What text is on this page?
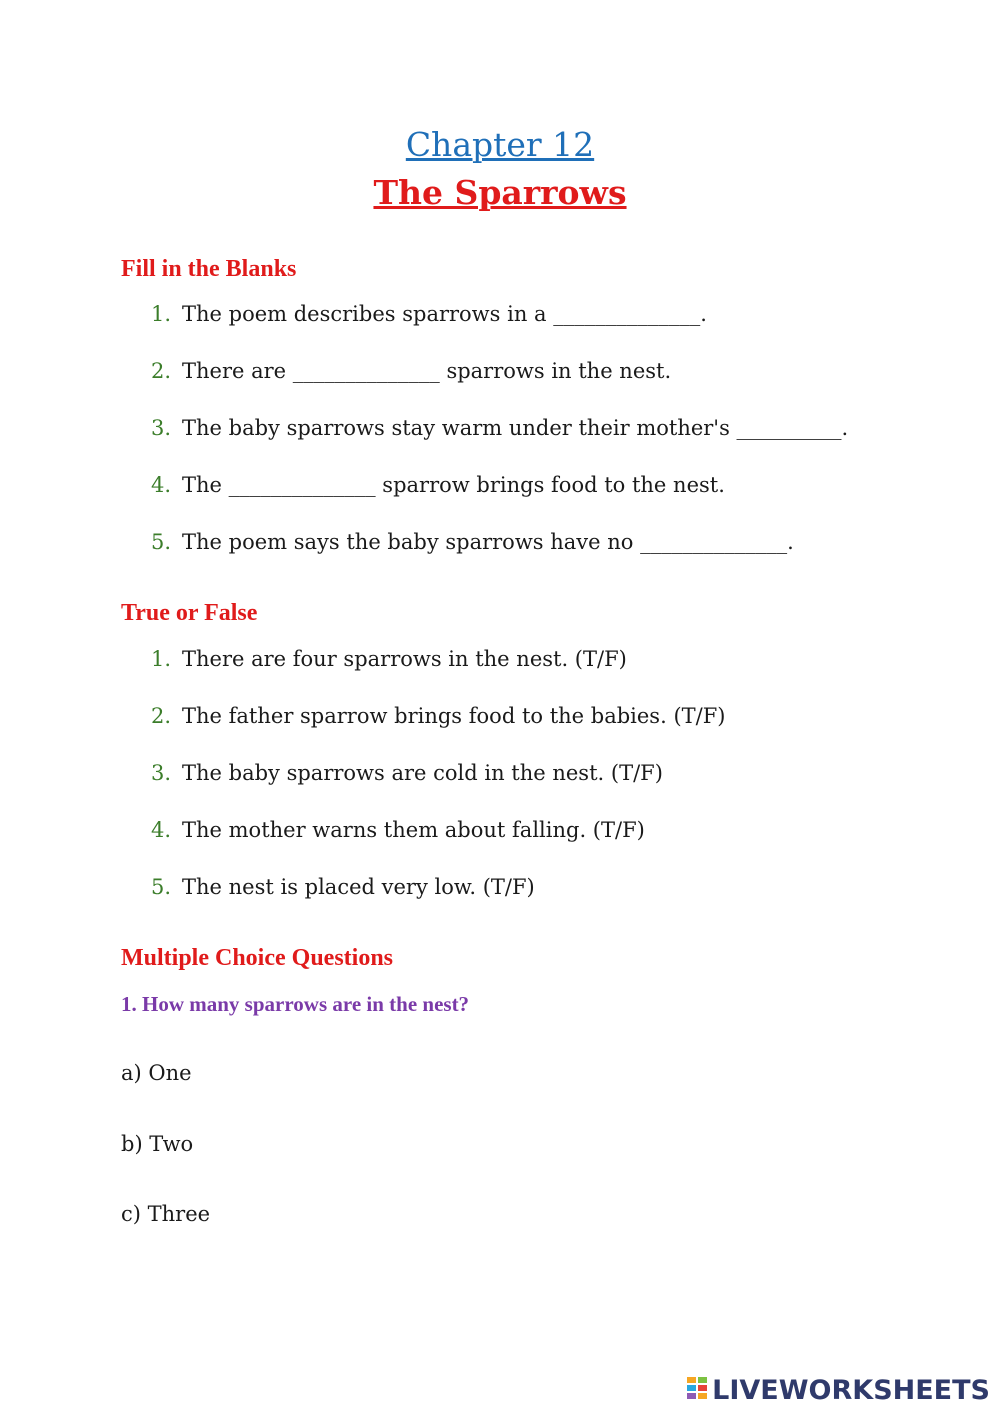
Chapter 12
The Sparrows
Fill in the Blanks
1. The poem describes sparrows in a ______________.
2. There are ______________ sparrows in the nest.
3. The baby sparrows stay warm under their mother's __________.
4. The ______________ sparrow brings food to the nest.
5. The poem says the baby sparrows have no ______________.
True or False
1. There are four sparrows in the nest. (T/F)
2. The father sparrow brings food to the babies. (T/F)
3. The baby sparrows are cold in the nest. (T/F)
4. The mother warns them about falling. (T/F)
5. The nest is placed very low. (T/F)
Multiple Choice Questions
1. How many sparrows are in the nest?
a) One
b) Two
c) Three
LIVEWORKSHEETS
